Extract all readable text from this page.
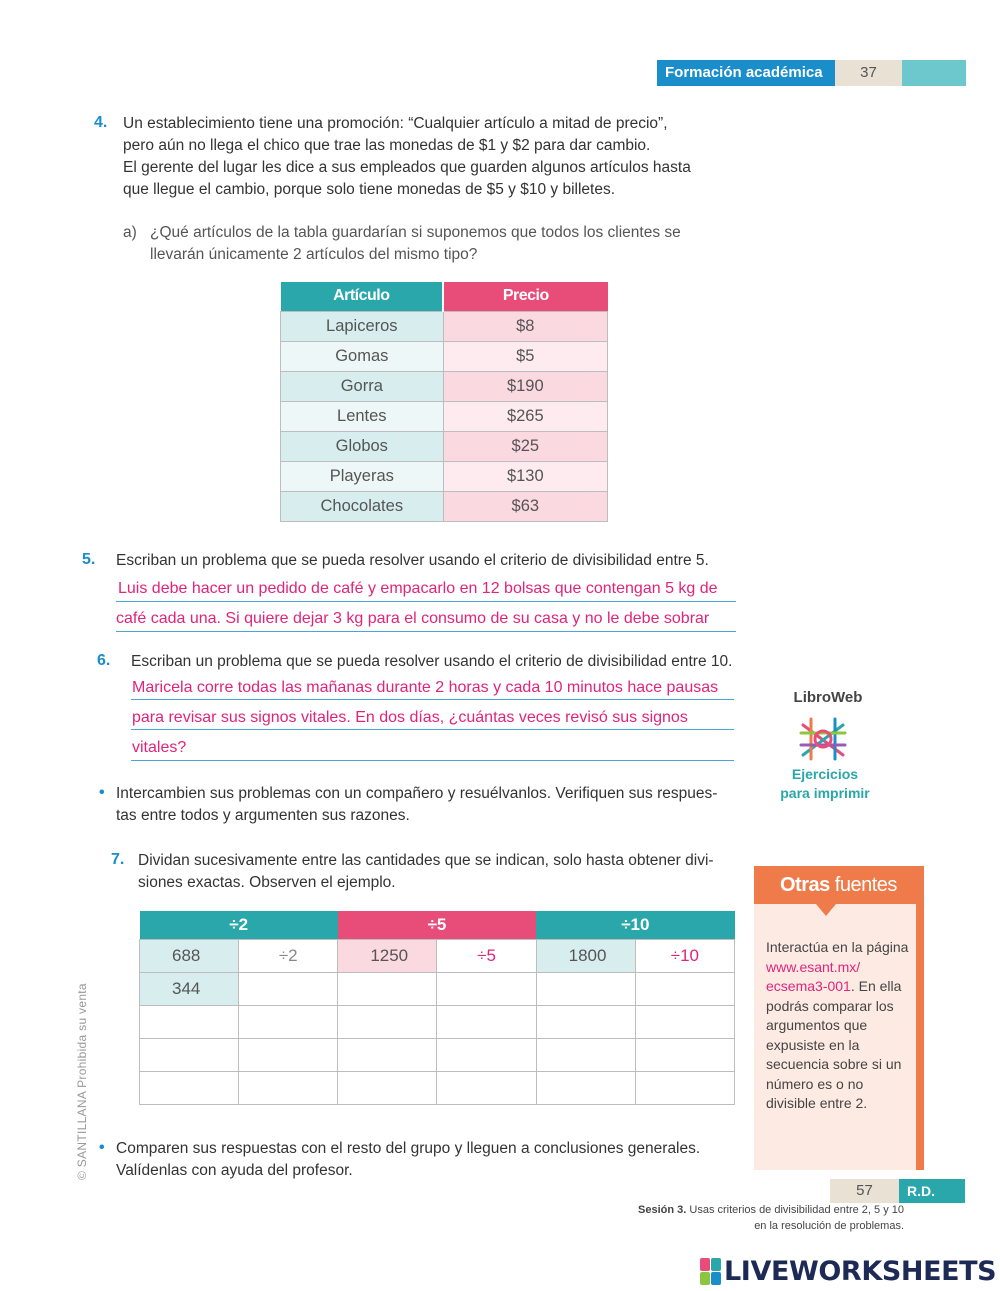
Formación académica	37
4. Un establecimiento tiene una promoción: “Cualquier artículo a mitad de precio”,
pero aún no llega el chico que trae las monedas de $1 y $2 para dar cambio.
El gerente del lugar les dice a sus empleados que guarden algunos artículos hasta
que llegue el cambio, porque solo tiene monedas de $5 y $10 y billetes.
a) ¿Qué artículos de la tabla guardarían si suponemos que todos los clientes se
llevarán únicamente 2 artículos del mismo tipo?
Artículo	Precio
Lapiceros	$8
Gomas	$5
Gorra	$190
Lentes	$265
Globos	$25
Playeras	$130
Chocolates	$63
5. Escriban un problema que se pueda resolver usando el criterio de divisibilidad entre 5.
Luis debe hacer un pedido de café y empacarlo en 12 bolsas que contengan 5 kg de
café cada una. Si quiere dejar 3 kg para el consumo de su casa y no le debe sobrar
6. Escriban un problema que se pueda resolver usando el criterio de divisibilidad entre 10.
Maricela corre todas las mañanas durante 2 horas y cada 10 minutos hace pausas
para revisar sus signos vitales. En dos días, ¿cuántas veces revisó sus signos
vitales?
• Intercambien sus problemas con un compañero y resuélvanlos. Verifiquen sus respues-
tas entre todos y argumenten sus razones.
7. Dividan sucesivamente entre las cantidades que se indican, solo hasta obtener divi-
siones exactas. Observen el ejemplo.
÷2		÷5		÷10	
688	÷2	1250	÷5	1800	÷10
344					

• Comparen sus respuestas con el resto del grupo y lleguen a conclusiones generales.
Valídenlas con ayuda del profesor.
LibroWeb
Ejercicios
para imprimir
Otras fuentes
Interactúa en la página www.esant.mx/ ecsema3-001. En ella podrás comparar los argumentos que expusiste en la secuencia sobre si un número es o no divisible entre 2.
57	R.D.
Sesión 3. Usas criterios de divisibilidad entre 2, 5 y 10 en la resolución de problemas.
© SANTILLANA Prohibida su venta
LIVEWORKSHEETS
